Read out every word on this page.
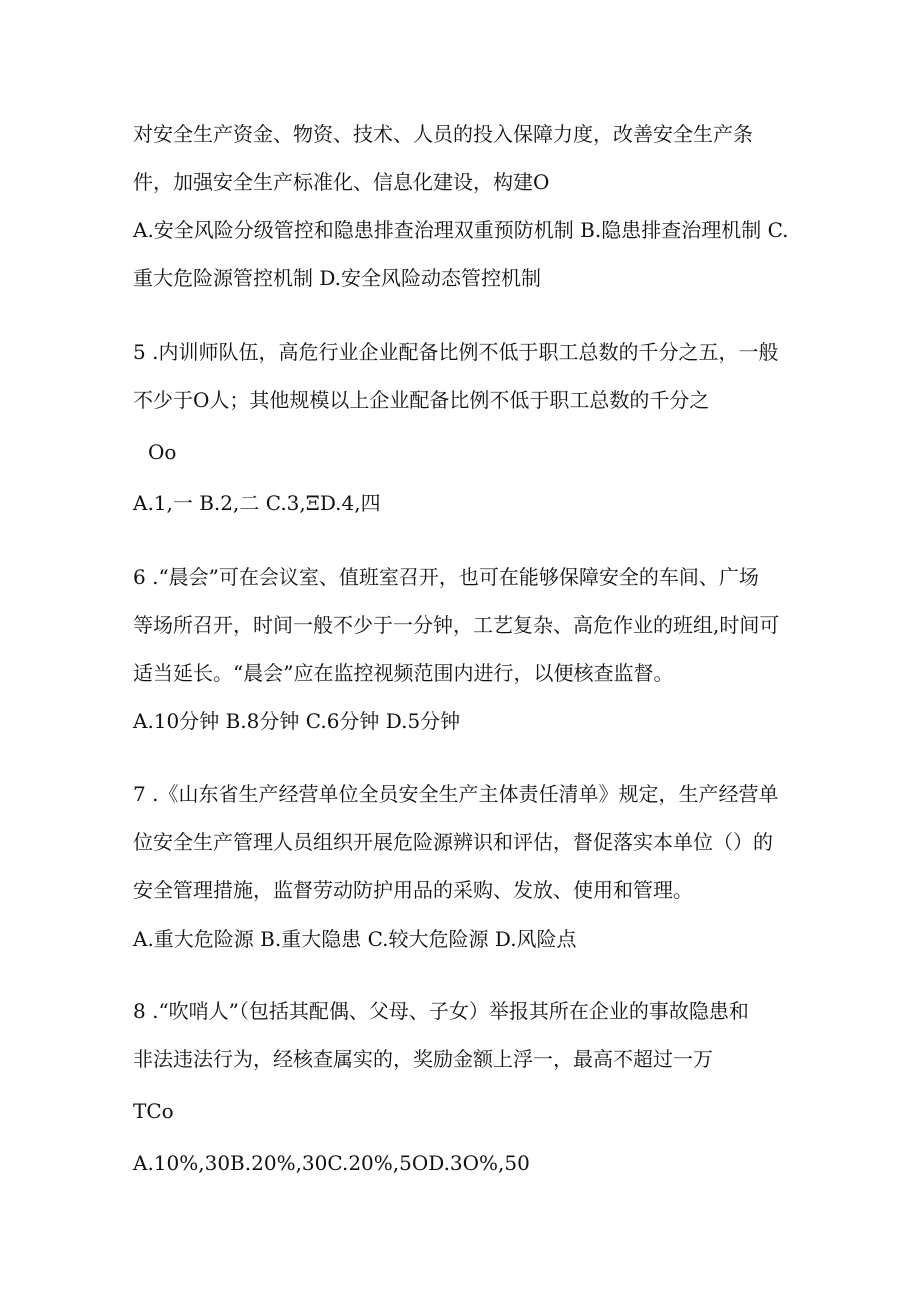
对安全生产资金、物资、技术、人员的投入保障力度，改善安全生产条
件，加强安全生产标准化、信息化建设，构建O
A.安全风险分级管控和隐患排查治理双重预防机制 B.隐患排查治理机制 C.
重大危险源管控机制 D.安全风险动态管控机制
5 .内训师队伍，高危行业企业配备比例不低于职工总数的千分之五，一般
不少于O人；其他规模以上企业配备比例不低于职工总数的千分之
Oo
A.1,一 B.2,二 C.3,ΞD.4,四
6 .“晨会”可在会议室、值班室召开，也可在能够保障安全的车间、广场
等场所召开，时间一般不少于一分钟，工艺复杂、高危作业的班组,时间可
适当延长。“晨会”应在监控视频范围内进行，以便核查监督。
A.10分钟 B.8分钟 C.6分钟 D.5分钟
7 .《山东省生产经营单位全员安全生产主体责任清单》规定，生产经营单
位安全生产管理人员组织开展危险源辨识和评估，督促落实本单位（）的
安全管理措施，监督劳动防护用品的采购、发放、使用和管理。
A.重大危险源 B.重大隐患 C.较大危险源 D.风险点
8 .“吹哨人”（包括其配偶、父母、子女）举报其所在企业的事故隐患和
非法违法行为，经核查属实的，奖励金额上浮一，最高不超过一万
TCo
A.10%,30B.20%,30C.20%,5OD.3O%,50
